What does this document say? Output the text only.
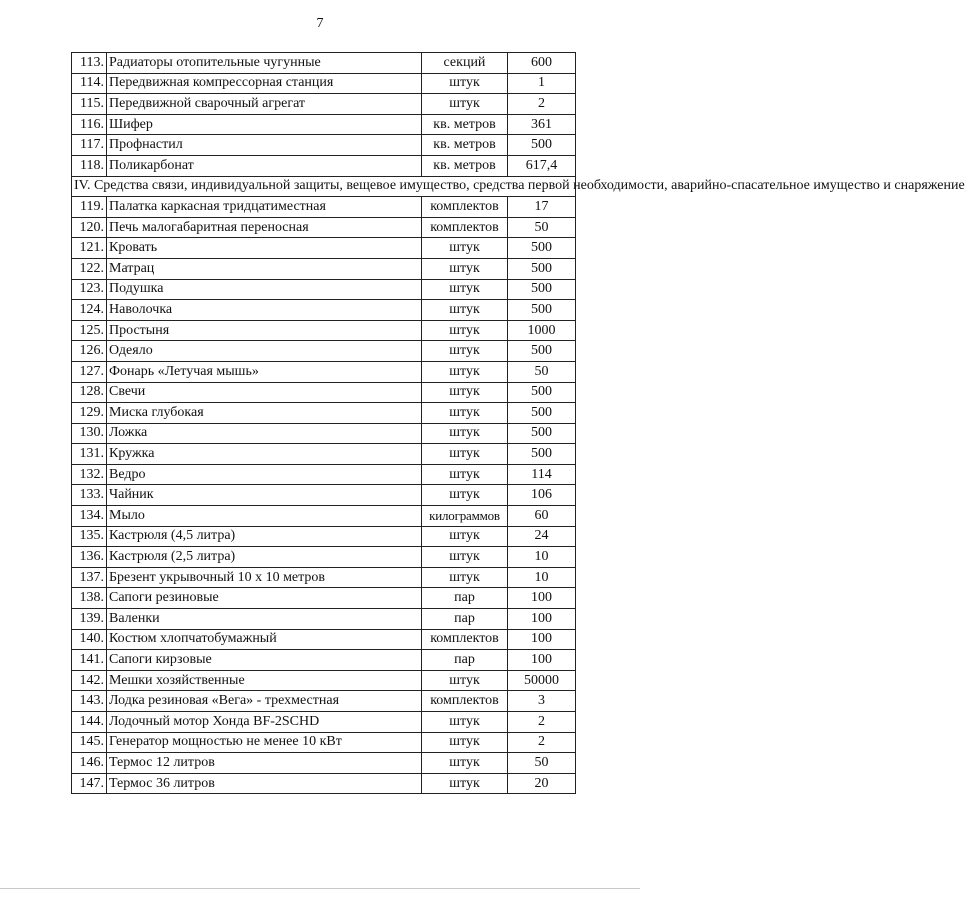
7
113.	Радиаторы отопительные чугунные	секций	600
114.	Передвижная компрессорная станция	штук	1
115.	Передвижной сварочный агрегат	штук	2
116.	Шифер	кв. метров	361
117.	Профнастил	кв. метров	500
118.	Поликарбонат	кв. метров	617,4
IV. Средства связи, индивидуальной защиты, вещевое имущество, средства первой необходимости, аварийно-спасательное имущество и снаряжение			
119.	Палатка каркасная тридцатиместная	комплектов	17
120.	Печь малогабаритная переносная	комплектов	50
121.	Кровать	штук	500
122.	Матрац	штук	500
123.	Подушка	штук	500
124.	Наволочка	штук	500
125.	Простыня	штук	1000
126.	Одеяло	штук	500
127.	Фонарь «Летучая мышь»	штук	50
128.	Свечи	штук	500
129.	Миска глубокая	штук	500
130.	Ложка	штук	500
131.	Кружка	штук	500
132.	Ведро	штук	114
133.	Чайник	штук	106
134.	Мыло	килограммов	60
135.	Кастрюля (4,5 литра)	штук	24
136.	Кастрюля (2,5 литра)	штук	10
137.	Брезент укрывочный 10 х 10 метров	штук	10
138.	Сапоги резиновые	пар	100
139.	Валенки	пар	100
140.	Костюм хлопчатобумажный	комплектов	100
141.	Сапоги кирзовые	пар	100
142.	Мешки хозяйственные	штук	50000
143.	Лодка резиновая «Вега» - трехместная	комплектов	3
144.	Лодочный мотор Хонда BF-2SCHD	штук	2
145.	Генератор мощностью не менее 10 кВт	штук	2
146.	Термос 12 литров	штук	50
147.	Термос 36 литров	штук	20
